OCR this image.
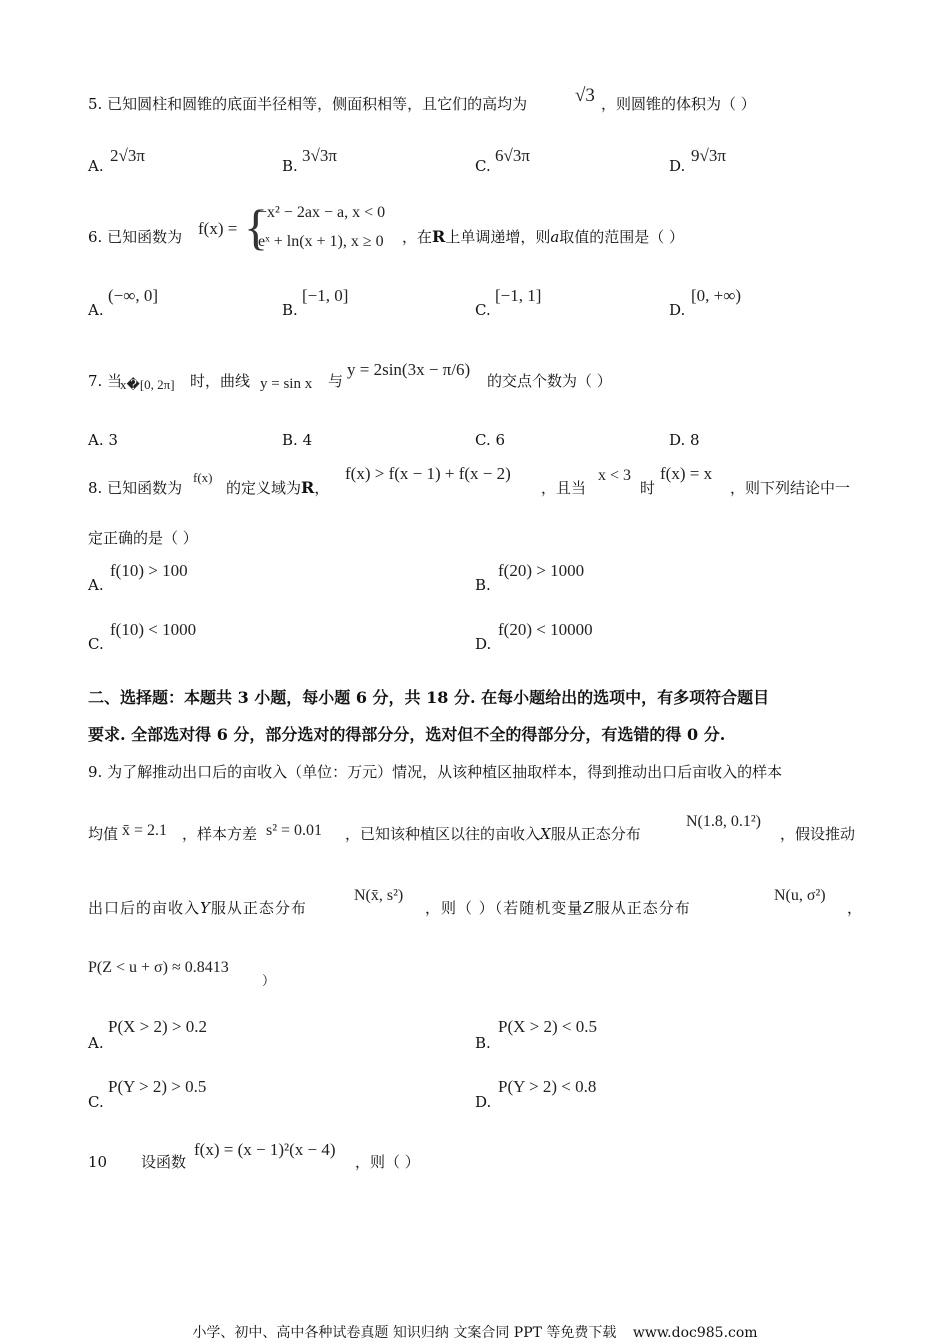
5. 已知圆柱和圆锥的底面半径相等，侧面积相等，且它们的高均为	√3 ，则圆锥的体积为（ ）
A.
2√3π
B.
3√3π
C.
6√3π
D.
9√3π
6. 已知函数为 f(x) = {
−x² − 2ax − a, x < 0
eˣ + ln(x + 1), x ≥ 0 ，在R上单调递增，则a取值的范围是（ ）
A.
(−∞, 0]
B.
[−1, 0]
C.
[−1, 1]
D.
[0, +∞)
7. 当
x�[0, 2π] 时，曲线 y = sin x 与
y = 2sin(3x − π/6)
的交点个数为（ ）
A. 3	B. 4	C. 6	D. 8
8. 已知函数为
f(x)
的定义域为R，
f(x) > f(x − 1) + f(x − 2)
，且当
x < 3
时
f(x) = x
，则下列结论中一
定正确的是（ ）
A.
f(10) > 100
B.
f(20) > 1000
C.
f(10) < 1000
D.
f(20) < 10000
二、选择题：本题共 3 小题，每小题 6 分，共 18 分. 在每小题给出的选项中，有多项符合题目
要求. 全部选对得 6 分，部分选对的得部分分，选对但不全的得部分分，有选错的得 0 分.
9. 为了解推动出口后的亩收入（单位：万元）情况，从该种植区抽取样本，得到推动出口后亩收入的样本
均值 x̄ = 2.1 ，样本方差 s² = 0.01 ，已知该种植区以往的亩收入X服从正态分布
N(1.8, 0.1²)
，假设推动
出口后的亩收入Y服从正态分布
N(x̄, s²)
，则（ ）（若随机变量Z服从正态分布
N(u, σ²)
，
P(Z < u + σ) ≈ 0.8413
）
A.
P(X > 2) > 0.2
B.
P(X > 2) < 0.5
C.
P(Y > 2) > 0.5
D.
P(Y > 2) < 0.8
10 设函数
f(x) = (x − 1)²(x − 4)
，则（ ）
小学、初中、高中各种试卷真题 知识归纳 文案合同 PPT 等免费下载 www.doc985.com
